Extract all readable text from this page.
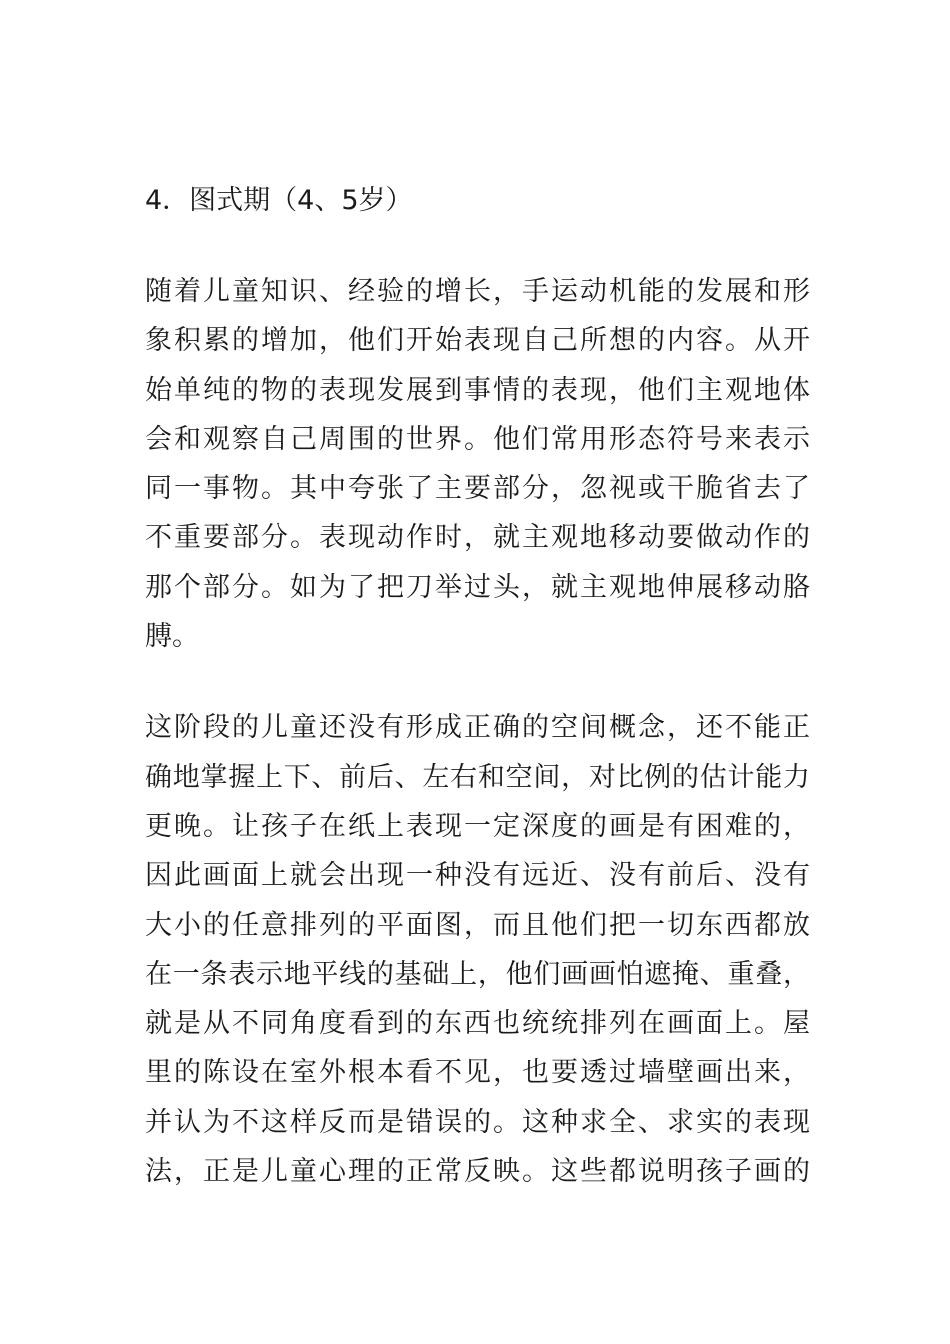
4．图式期（4、5岁）

随着儿童知识、经验的增长，手运动机能的发展和形
象积累的增加，他们开始表现自己所想的内容。从开
始单纯的物的表现发展到事情的表现，他们主观地体
会和观察自己周围的世界。他们常用形态符号来表示
同一事物。其中夸张了主要部分，忽视或干脆省去了
不重要部分。表现动作时，就主观地移动要做动作的
那个部分。如为了把刀举过头，就主观地伸展移动胳
膊。

这阶段的儿童还没有形成正确的空间概念，还不能正
确地掌握上下、前后、左右和空间，对比例的估计能力
更晚。让孩子在纸上表现一定深度的画是有困难的，
因此画面上就会出现一种没有远近、没有前后、没有
大小的任意排列的平面图，而且他们把一切东西都放
在一条表示地平线的基础上，他们画画怕遮掩、重叠，
就是从不同角度看到的东西也统统排列在画面上。屋
里的陈设在室外根本看不见，也要透过墙壁画出来，
并认为不这样反而是错误的。这种求全、求实的表现
法，正是儿童心理的正常反映。这些都说明孩子画的
